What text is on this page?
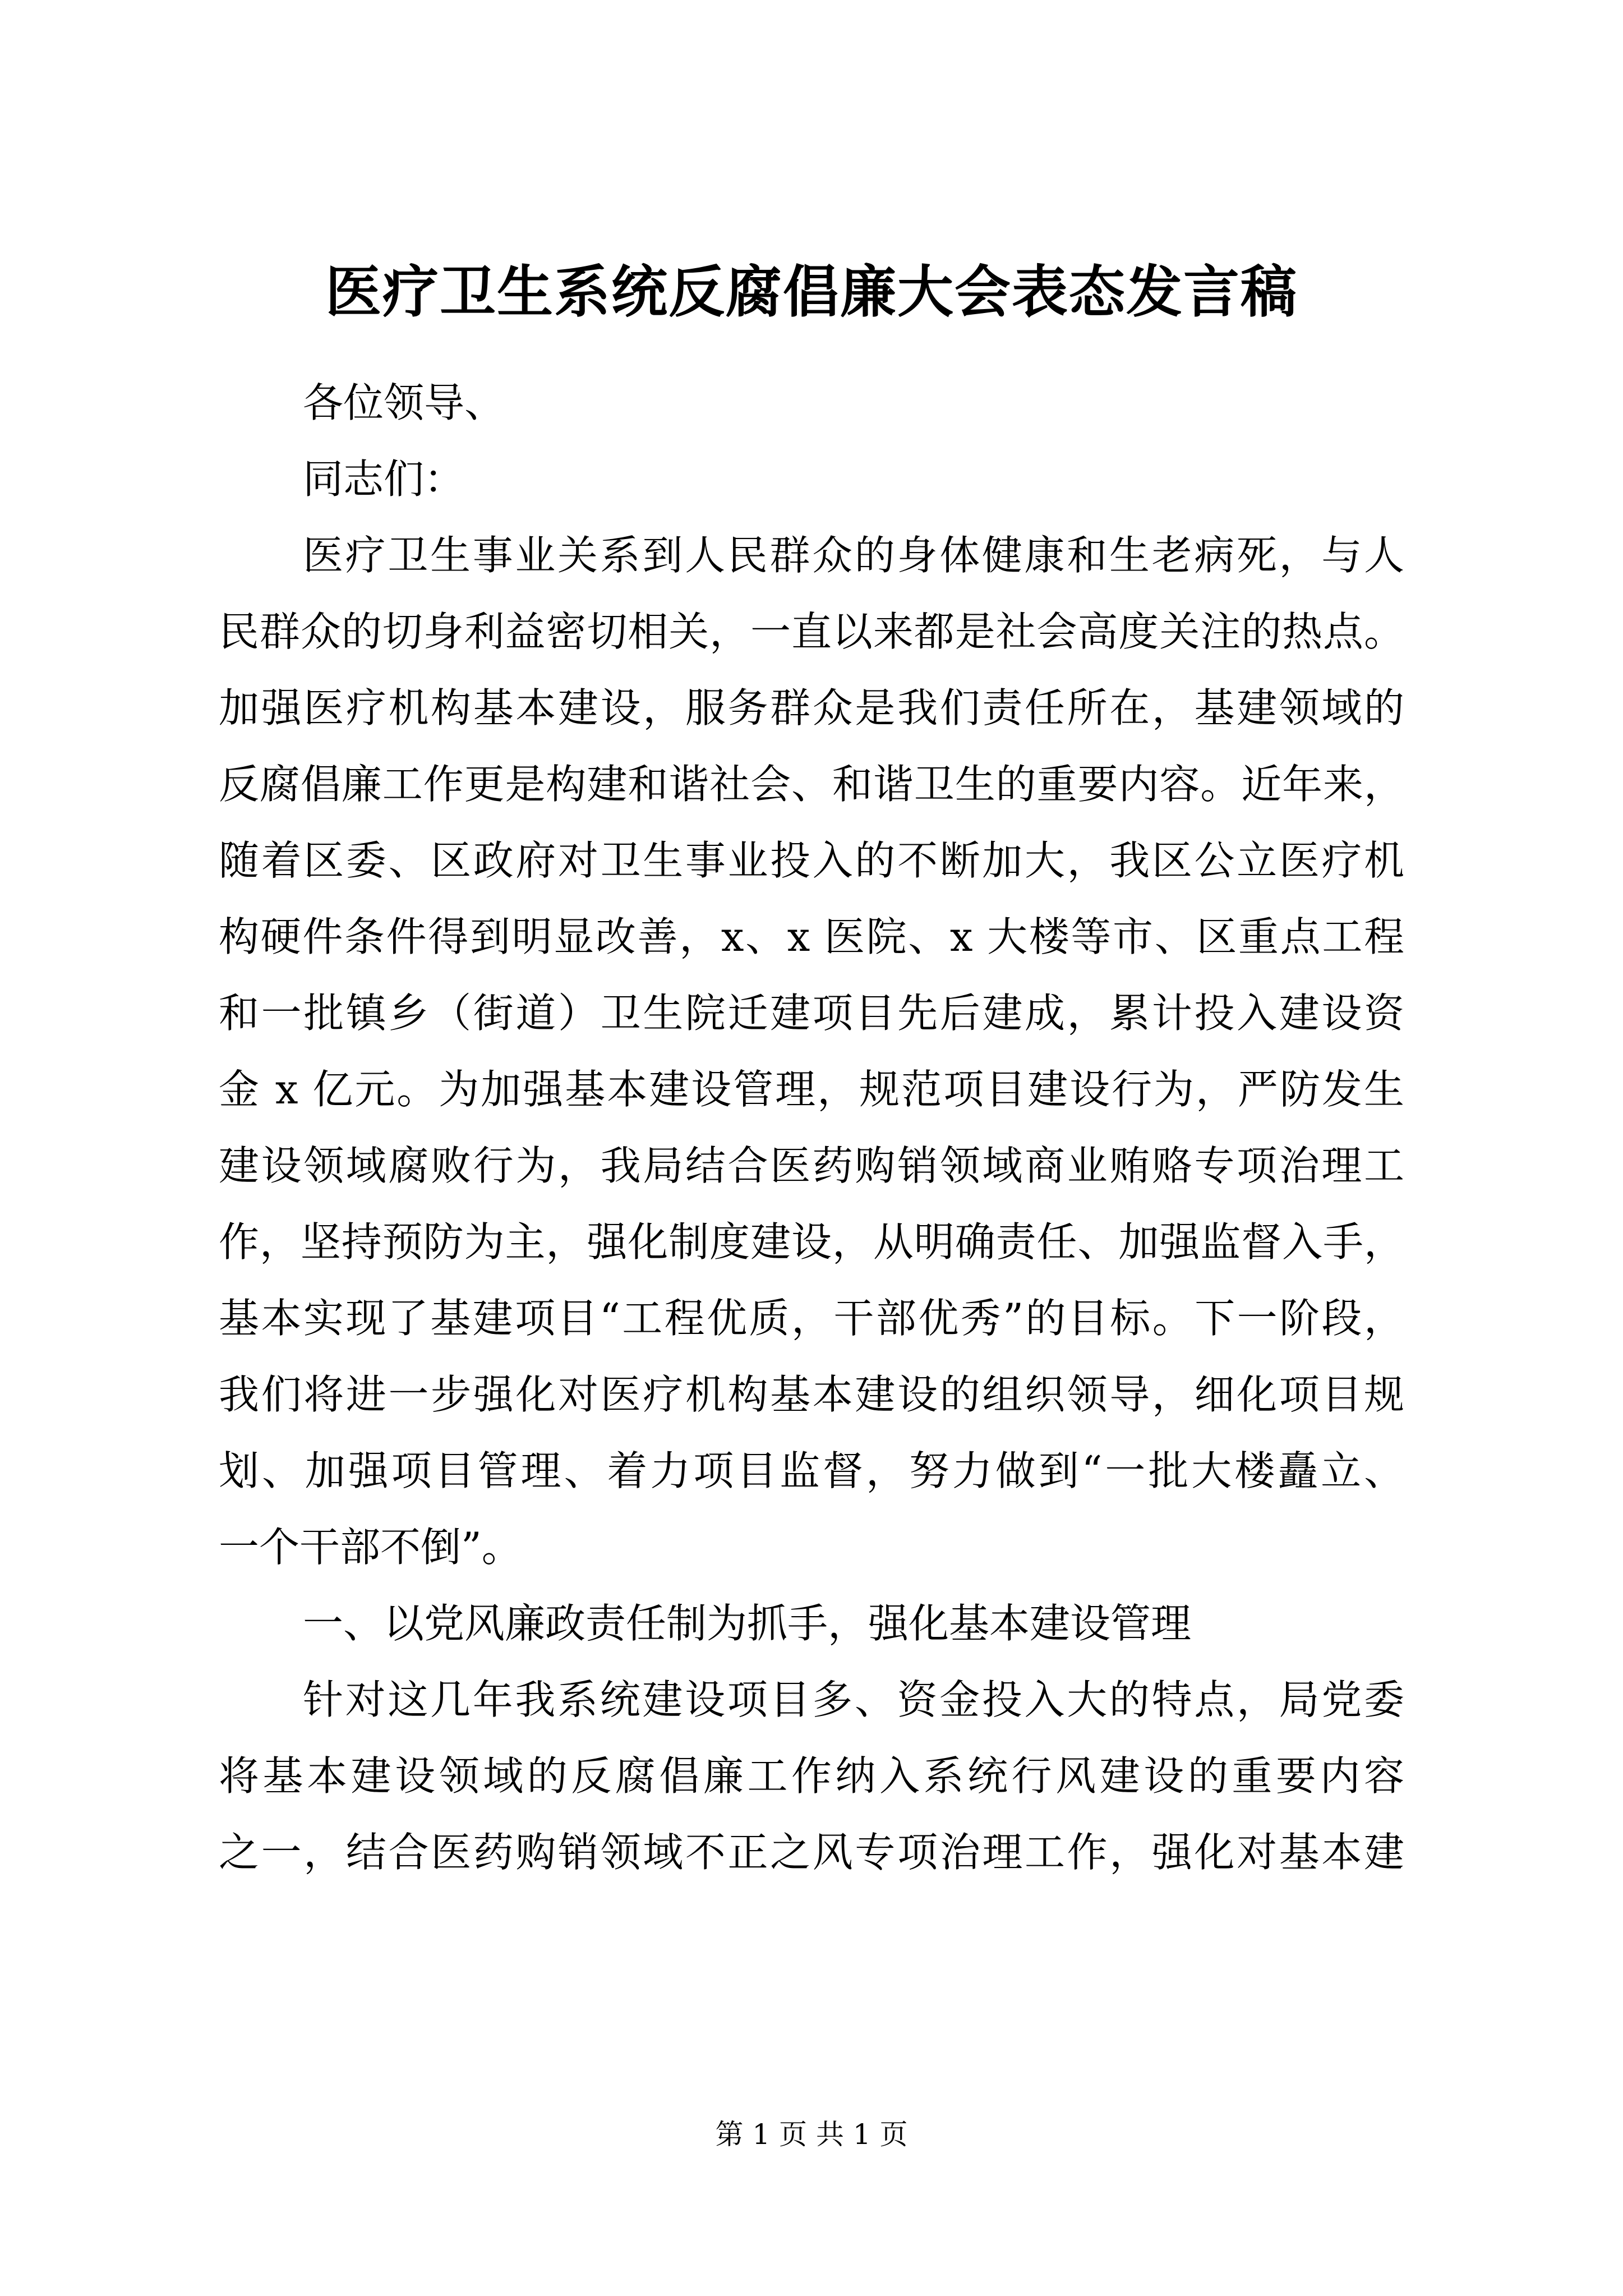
医疗卫生系统反腐倡廉大会表态发言稿
各位领导、
同志们：
医疗卫生事业关系到人民群众的身体健康和生老病死，与人
民群众的切身利益密切相关，一直以来都是社会高度关注的热点。
加强医疗机构基本建设，服务群众是我们责任所在，基建领域的
反腐倡廉工作更是构建和谐社会、和谐卫生的重要内容。近年来，
随着区委、区政府对卫生事业投入的不断加大，我区公立医疗机
构硬件条件得到明显改善，x、x 医院、x 大楼等市、区重点工程
和一批镇乡（街道）卫生院迁建项目先后建成，累计投入建设资
金 x 亿元。为加强基本建设管理，规范项目建设行为，严防发生
建设领域腐败行为，我局结合医药购销领域商业贿赂专项治理工
作，坚持预防为主，强化制度建设，从明确责任、加强监督入手，
基本实现了基建项目“工程优质，干部优秀”的目标。下一阶段，
我们将进一步强化对医疗机构基本建设的组织领导，细化项目规
划、加强项目管理、着力项目监督，努力做到“一批大楼矗立、
一个干部不倒”。
一、以党风廉政责任制为抓手，强化基本建设管理
针对这几年我系统建设项目多、资金投入大的特点，局党委
将基本建设领域的反腐倡廉工作纳入系统行风建设的重要内容
之一，结合医药购销领域不正之风专项治理工作，强化对基本建
第 1 页 共 1 页
